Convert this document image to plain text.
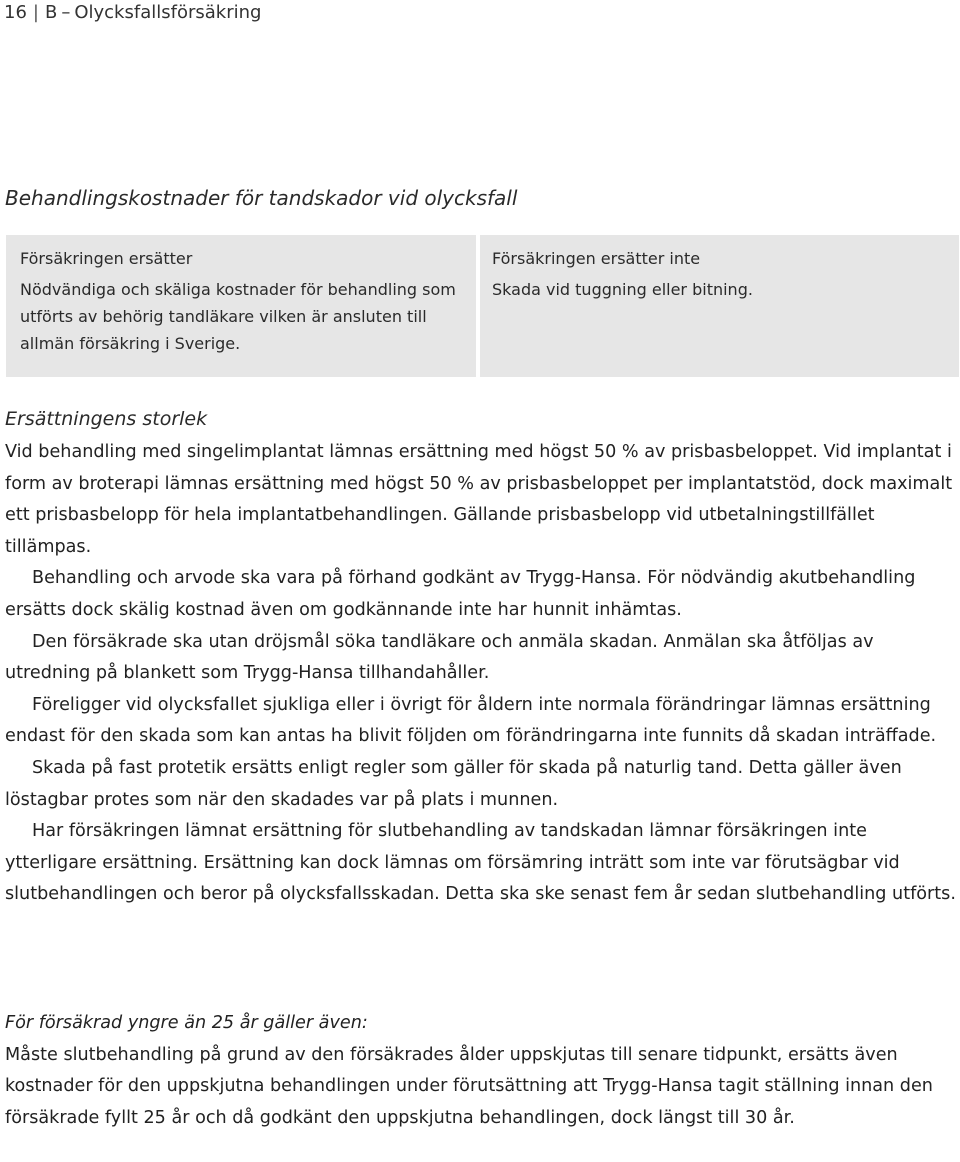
16 | B – Olycksfallsförsäkring
Behandlingskostnader för tandskador vid olycksfall
Försäkringen ersätter
Nödvändiga och skäliga kostnader för behandling som utförts av behörig tandläkare vilken är ansluten till allmän försäkring i Sverige.
Försäkringen ersätter inte
Skada vid tuggning eller bitning.
Ersättningens storlek

Vid behandling med singelimplantat lämnas ersättning med högst 50 % av prisbasbeloppet. Vid implantat i form av broterapi lämnas ersättning med högst 50 % av prisbasbeloppet per implantatstöd, dock maximalt ett prisbasbelopp för hela implantatbehandlingen. Gällande prisbasbelopp vid utbetalningstillfället tillämpas.

Behandling och arvode ska vara på förhand godkänt av Trygg-Hansa. För nödvändig akutbehandling ersätts dock skälig kostnad även om godkännande inte har hunnit inhämtas.

Den försäkrade ska utan dröjsmål söka tandläkare och anmäla skadan. Anmälan ska åtföljas av utredning på blankett som Trygg-Hansa tillhandahåller.

Föreligger vid olycksfallet sjukliga eller i övrigt för åldern inte normala förändringar lämnas ersättning endast för den skada som kan antas ha blivit följden om förändringarna inte funnits då skadan inträffade.

Skada på fast protetik ersätts enligt regler som gäller för skada på naturlig tand. Detta gäller även löstagbar protes som när den skadades var på plats i munnen.

Har försäkringen lämnat ersättning för slutbehandling av tandskadan lämnar försäkringen inte ytterligare ersättning. Ersättning kan dock lämnas om försämring inträtt som inte var förutsägbar vid slutbehandlingen och beror på olycksfallsskadan. Detta ska ske senast fem år sedan slutbehandling utförts.

För försäkrad yngre än 25 år gäller även:
Måste slutbehandling på grund av den försäkrades ålder uppskjutas till senare tidpunkt, ersätts även kostnader för den uppskjutna behandlingen under förutsättning att Trygg-Hansa tagit ställning innan den försäkrade fyllt 25 år och då godkänt den uppskjutna behandlingen, dock längst till 30 år.
